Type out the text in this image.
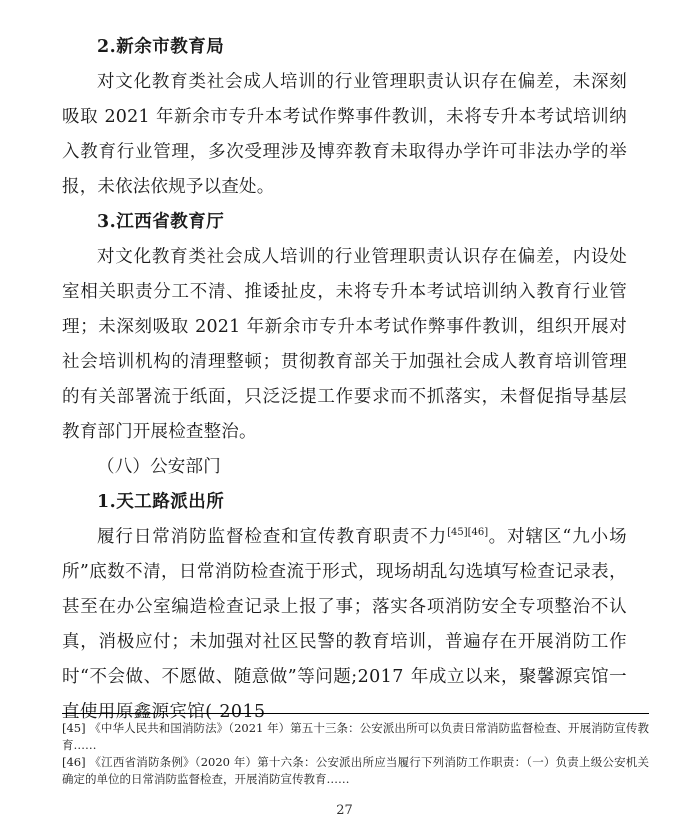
2.新余市教育局

对文化教育类社会成人培训的行业管理职责认识存在偏差，未深刻吸取 2021 年新余市专升本考试作弊事件教训，未将专升本考试培训纳入教育行业管理，多次受理涉及博弈教育未取得办学许可非法办学的举报，未依法依规予以查处。

3.江西省教育厅

对文化教育类社会成人培训的行业管理职责认识存在偏差，内设处室相关职责分工不清、推诿扯皮，未将专升本考试培训纳入教育行业管理；未深刻吸取 2021 年新余市专升本考试作弊事件教训，组织开展对社会培训机构的清理整顿；贯彻教育部关于加强社会成人教育培训管理的有关部署流于纸面，只泛泛提工作要求而不抓落实，未督促指导基层教育部门开展检查整治。

（八）公安部门

1.天工路派出所

履行日常消防监督检查和宣传教育职责不力[45][46]。对辖区“九小场所”底数不清，日常消防检查流于形式，现场胡乱勾选填写检查记录表，甚至在办公室编造检查记录上报了事；落实各项消防安全专项整治不认真，消极应付；未加强对社区民警的教育培训，普遍存在开展消防工作时“不会做、不愿做、随意做”等问题;2017 年成立以来，聚馨源宾馆一直使用原鑫源宾馆( 2015

[45] 《中华人民共和国消防法》（2021 年）第五十三条：公安派出所可以负责日常消防监督检查、开展消防宣传教育……

[46] 《江西省消防条例》（2020 年）第十六条：公安派出所应当履行下列消防工作职责：（一）负责上级公安机关确定的单位的日常消防监督检查，开展消防宣传教育……

27
